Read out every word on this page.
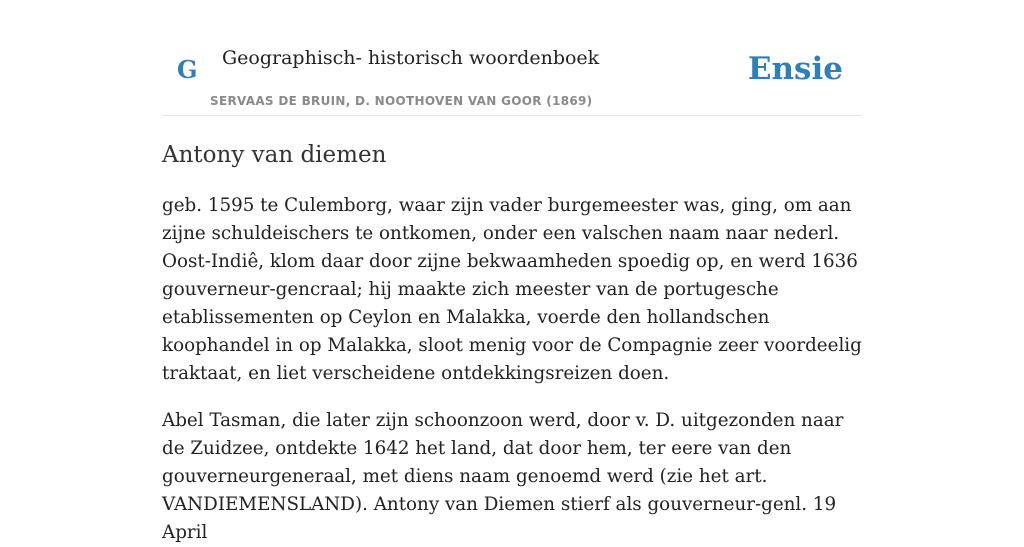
G Geographisch- historisch woordenboek
SERVAAS DE BRUIN, D. NOOTHOVEN VAN GOOR (1869)
Ensie
Antony van diemen

geb. 1595 te Culemborg, waar zijn vader burgemeester was, ging, om aan zijne schuldeischers te ontkomen, onder een valschen naam naar nederl. Oost-Indiê, klom daar door zijne bekwaamheden spoedig op, en werd 1636 gouverneur-gencraal; hij maakte zich meester van de portugesche etablissementen op Ceylon en Malakka, voerde den hollandschen koophandel in op Malakka, sloot menig voor de Compagnie zeer voordeelig traktaat, en liet verscheidene ontdekkingsreizen doen.

Abel Tasman, die later zijn schoonzoon werd, door v. D. uitgezonden naar de Zuidzee, ontdekte 1642 het land, dat door hem, ter eere van den gouverneurgeneraal, met diens naam genoemd werd (zie het art. VANDIEMENSLAND). Antony van Diemen stierf als gouverneur-genl. 19 April
